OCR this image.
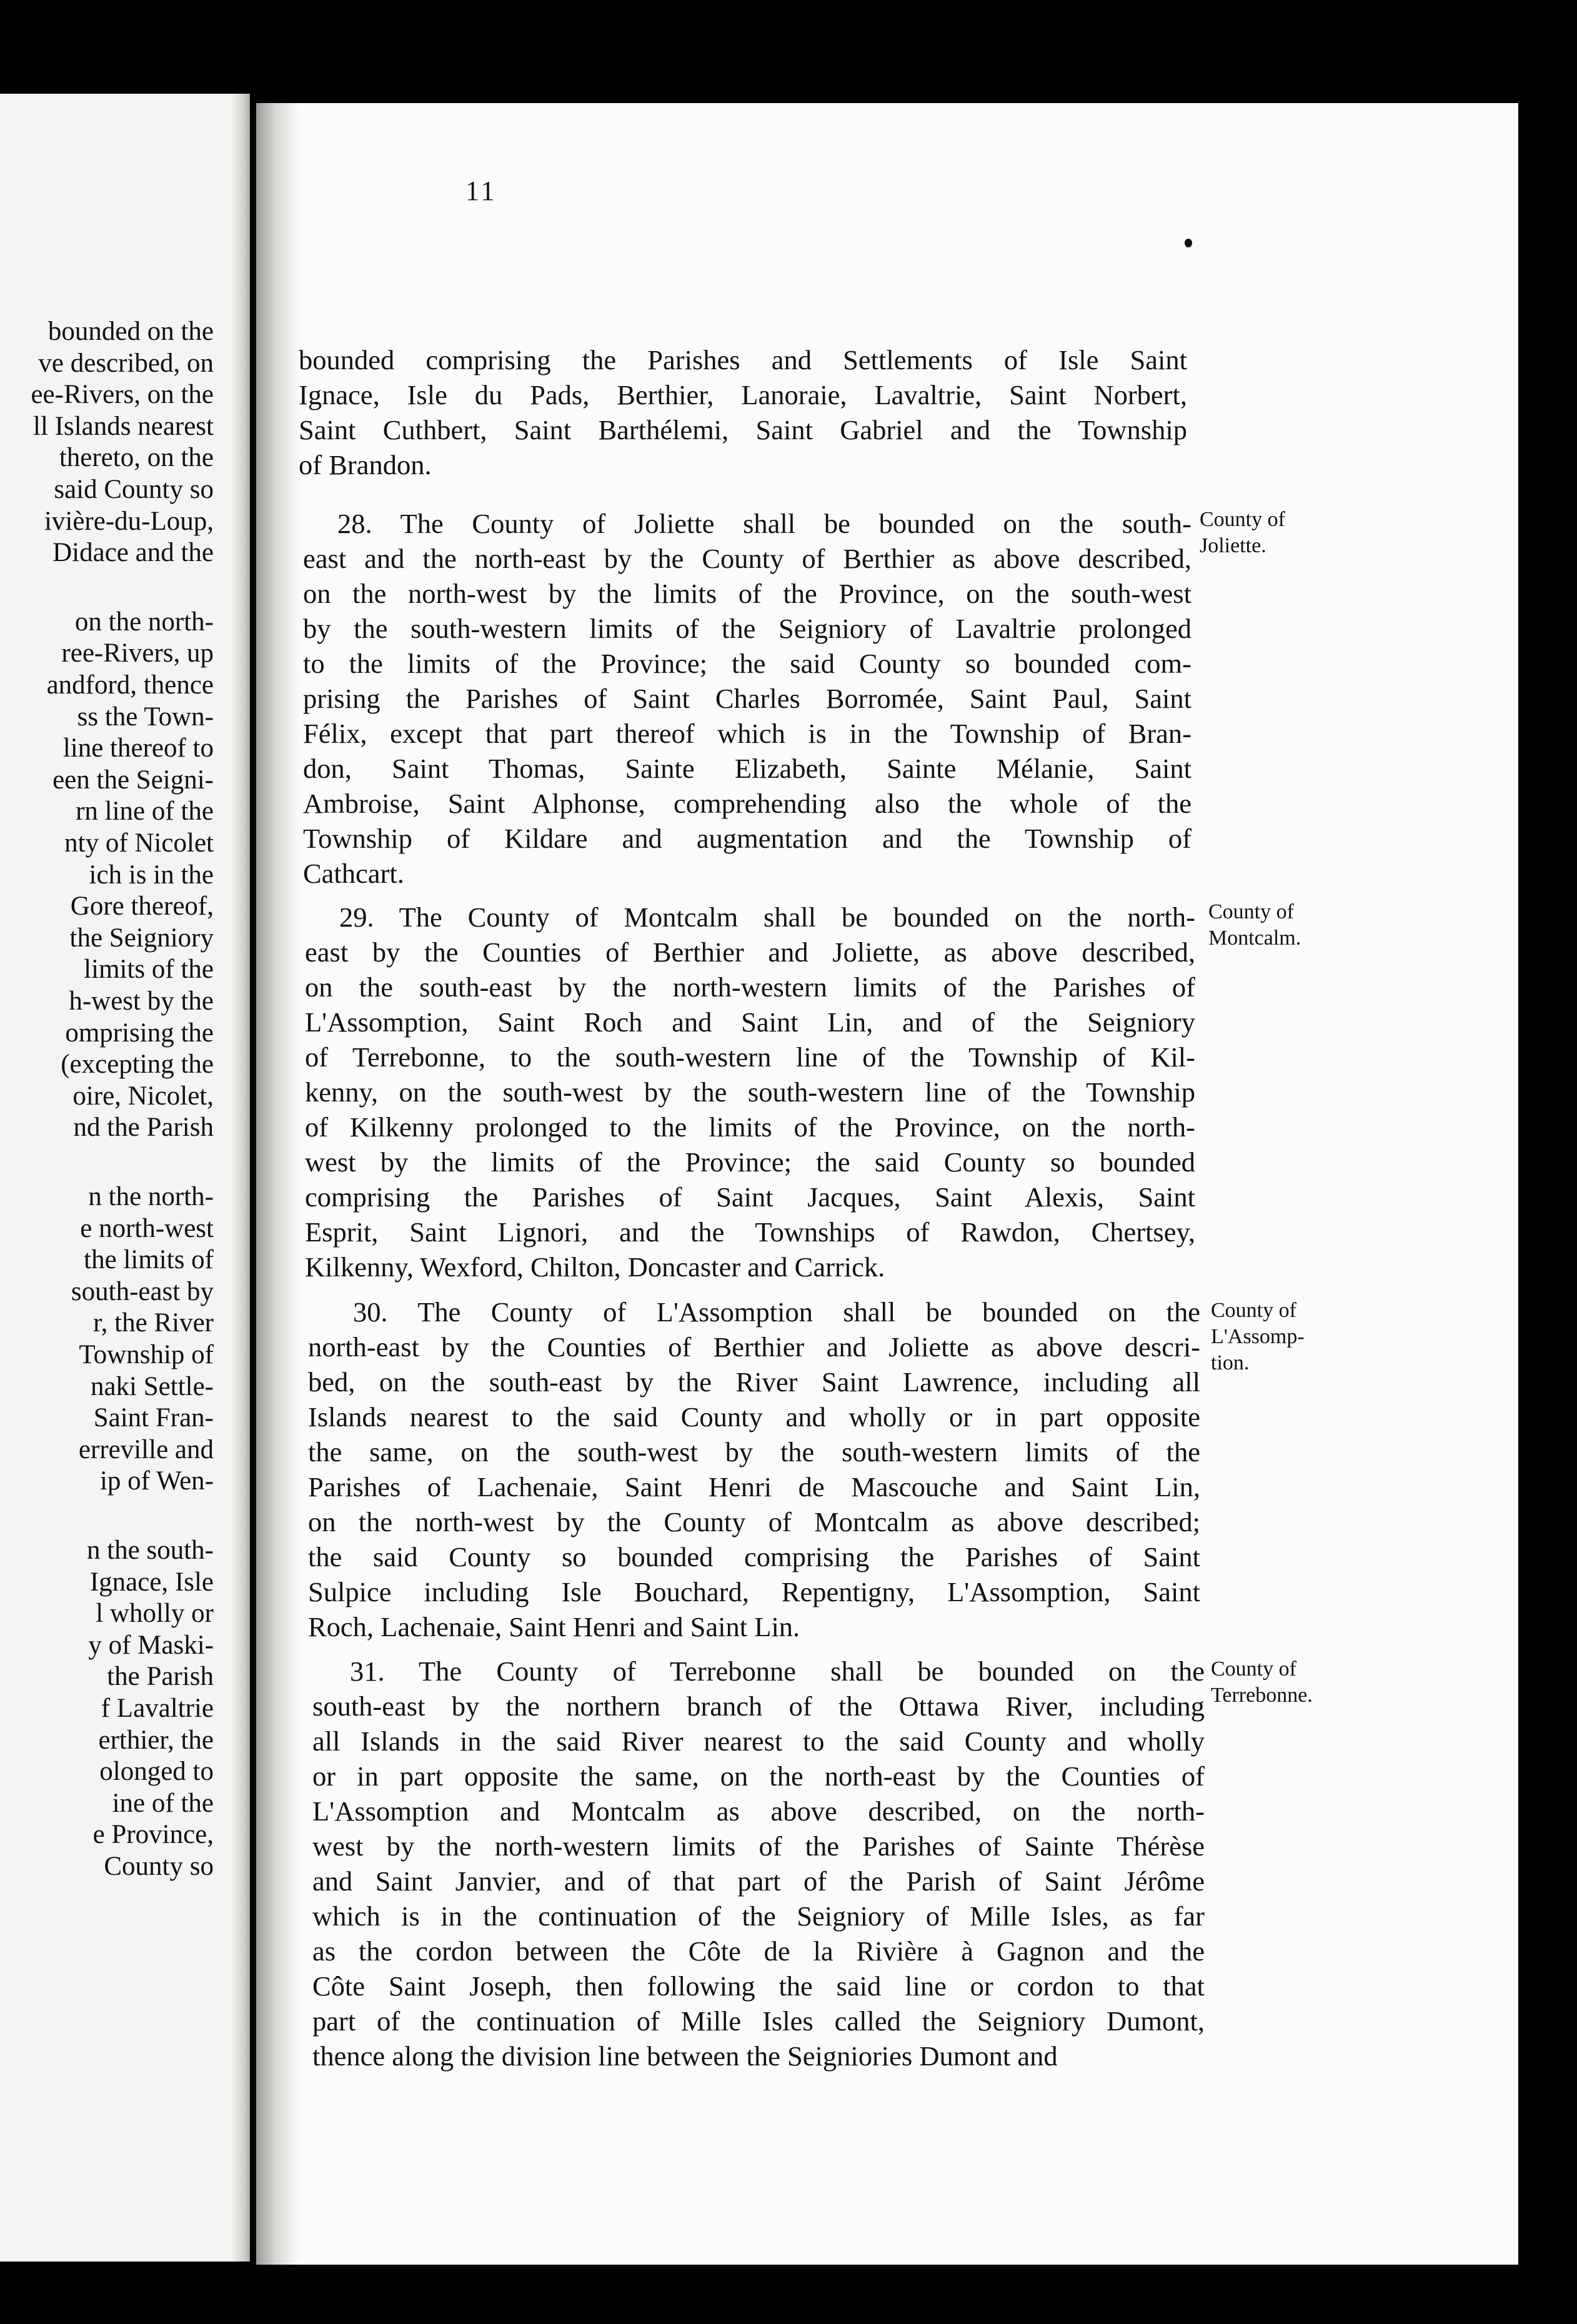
bounded on the
ve described, on
ee-Rivers, on the
ll Islands nearest
thereto, on the
said County so
ivière-du-Loup,
Didace and the
on the north-
ree-Rivers, up
andford, thence
ss the Town-
line thereof to
een the Seigni-
rn line of the
nty of Nicolet
ich is in the
Gore thereof,
the Seigniory
limits of the
h-west by the
omprising the
(excepting the
oire, Nicolet,
nd the Parish
n the north-
e north-west
the limits of
south-east by
r, the River
Township of
naki Settle-
Saint Fran-
erreville and
ip of Wen-
n the south-
Ignace, Isle
l wholly or
y of Maski-
the Parish
f Lavaltrie
erthier, the
olonged to
ine of the
e Province,
County so
11
bounded comprising the Parishes and Settlements of Isle Saint
Ignace, Isle du Pads, Berthier, Lanoraie, Lavaltrie, Saint Norbert,
Saint Cuthbert, Saint Barthélemi, Saint Gabriel and the Township
of Brandon.
28. The County of Joliette shall be bounded on the south-
east and the north-east by the County of Berthier as above described,
on the north-west by the limits of the Province, on the south-west
by the south-western limits of the Seigniory of Lavaltrie prolonged
to the limits of the Province; the said County so bounded com-
prising the Parishes of Saint Charles Borromée, Saint Paul, Saint
Félix, except that part thereof which is in the Township of Bran-
don, Saint Thomas, Sainte Elizabeth, Sainte Mélanie, Saint
Ambroise, Saint Alphonse, comprehending also the whole of the
Township of Kildare and augmentation and the Township of
Cathcart.
County of
Joliette.
29. The County of Montcalm shall be bounded on the north-
east by the Counties of Berthier and Joliette, as above described,
on the south-east by the north-western limits of the Parishes of
L'Assomption, Saint Roch and Saint Lin, and of the Seigniory
of Terrebonne, to the south-western line of the Township of Kil-
kenny, on the south-west by the south-western line of the Township
of Kilkenny prolonged to the limits of the Province, on the north-
west by the limits of the Province; the said County so bounded
comprising the Parishes of Saint Jacques, Saint Alexis, Saint
Esprit, Saint Lignori, and the Townships of Rawdon, Chertsey,
Kilkenny, Wexford, Chilton, Doncaster and Carrick.
County of
Montcalm.
30. The County of L'Assomption shall be bounded on the
north-east by the Counties of Berthier and Joliette as above descri-
bed, on the south-east by the River Saint Lawrence, including all
Islands nearest to the said County and wholly or in part opposite
the same, on the south-west by the south-western limits of the
Parishes of Lachenaie, Saint Henri de Mascouche and Saint Lin,
on the north-west by the County of Montcalm as above described;
the said County so bounded comprising the Parishes of Saint
Sulpice including Isle Bouchard, Repentigny, L'Assomption, Saint
Roch, Lachenaie, Saint Henri and Saint Lin.
County of
L'Assomp-
tion.
31. The County of Terrebonne shall be bounded on the
south-east by the northern branch of the Ottawa River, including
all Islands in the said River nearest to the said County and wholly
or in part opposite the same, on the north-east by the Counties of
L'Assomption and Montcalm as above described, on the north-
west by the north-western limits of the Parishes of Sainte Thérèse
and Saint Janvier, and of that part of the Parish of Saint Jérôme
which is in the continuation of the Seigniory of Mille Isles, as far
as the cordon between the Côte de la Rivière à Gagnon and the
Côte Saint Joseph, then following the said line or cordon to that
part of the continuation of Mille Isles called the Seigniory Dumont,
thence along the division line between the Seigniories Dumont and
County of
Terrebonne.
